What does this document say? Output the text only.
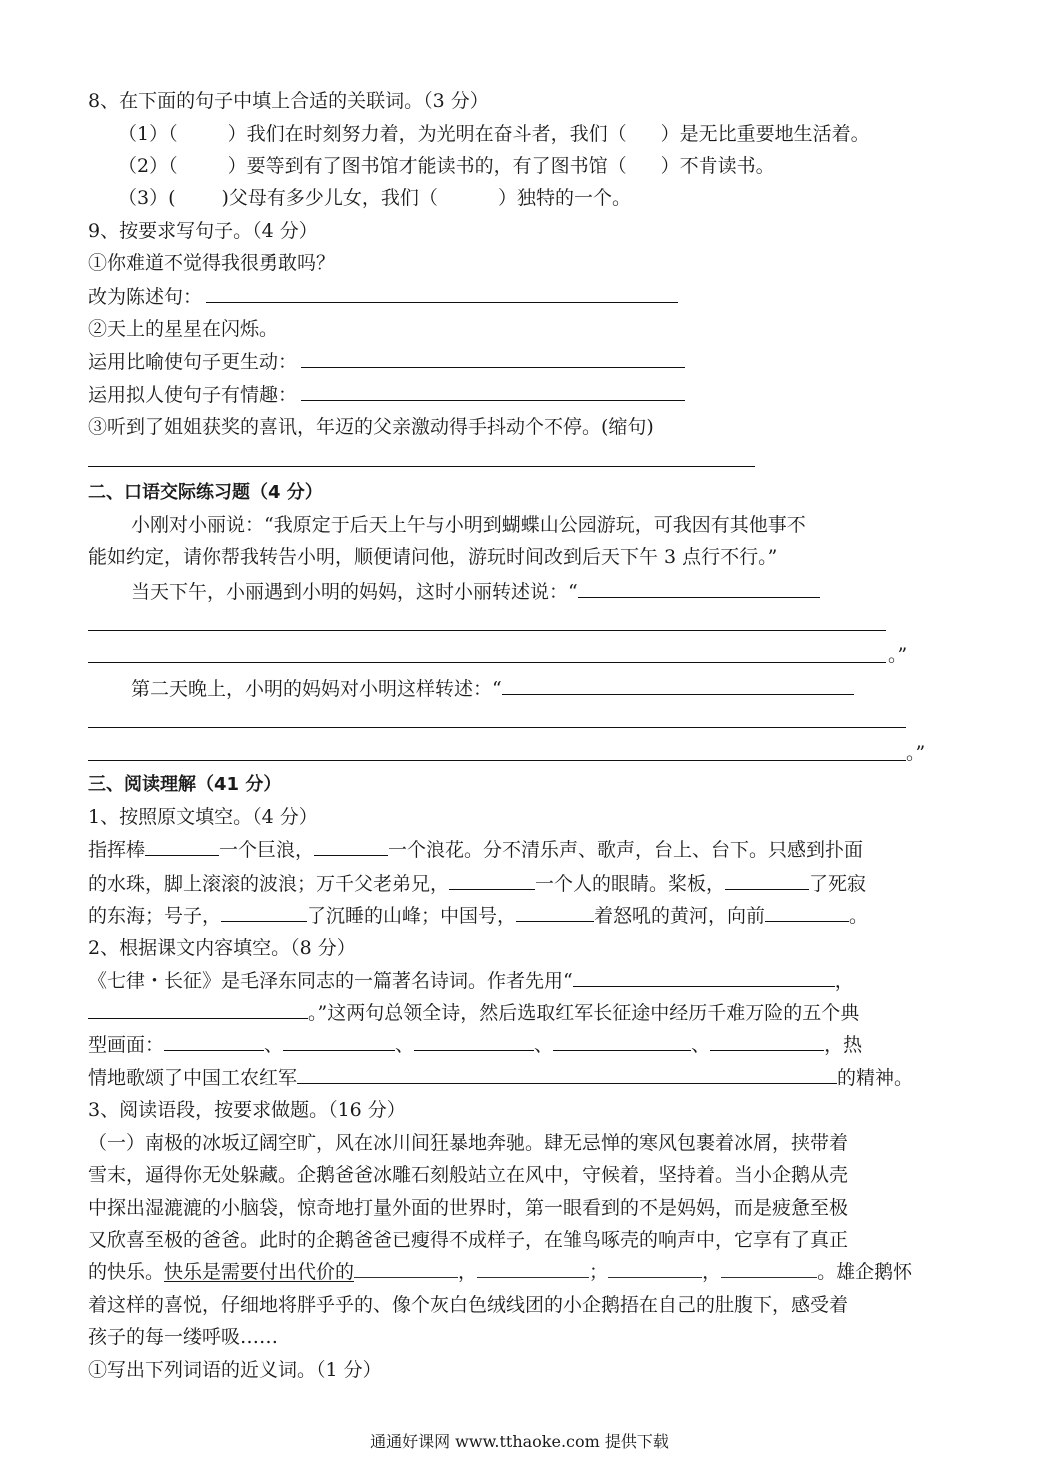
8、在下面的句子中填上合适的关联词。（3 分）
（1）（	）我们在时刻努力着，为光明在奋斗者，我们（ ）是无比重要地生活着。
（2）（	）要等到有了图书馆才能读书的，有了图书馆（ ）不肯读书。
（3）( )父母有多少儿女，我们（	）独特的一个。
9、按要求写句子。（4 分）
①你难道不觉得我很勇敢吗？
改为陈述句：
②天上的星星在闪烁。
运用比喻使句子更生动：
运用拟人使句子有情趣：
③听到了姐姐获奖的喜讯，年迈的父亲激动得手抖动个不停。(缩句)
二、口语交际练习题（4 分）
小刚对小丽说：“我原定于后天上午与小明到蝴蝶山公园游玩，可我因有其他事不
能如约定，请你帮我转告小明，顺便请问他，游玩时间改到后天下午 3 点行不行。”
当天下午，小丽遇到小明的妈妈，这时小丽转述说：“
。”
第二天晚上，小明的妈妈对小明这样转述：“
。”
三、阅读理解（41 分）
1、按照原文填空。（4 分）
指挥棒	一个巨浪，	一个浪花。分不清乐声、歌声，台上、台下。只感到扑面
的水珠，脚上滚滚的波浪；万千父老弟兄，	一个人的眼睛。桨板，	了死寂
的东海；号子，	了沉睡的山峰；中国号，	着怒吼的黄河，向前	。
2、根据课文内容填空。（8 分）
《七律・长征》是毛泽东同志的一篇著名诗词。作者先用“	，
。”这两句总领全诗，然后选取红军长征途中经历千难万险的五个典
型画面：	、	、	、	、	，热
情地歌颂了中国工农红军	的精神。
3、阅读语段，按要求做题。（16 分）
（一）南极的冰坂辽阔空旷，风在冰川间狂暴地奔驰。肆无忌惮的寒风包裹着冰屑，挟带着
雪末，逼得你无处躲藏。企鹅爸爸冰雕石刻般站立在风中，守候着，坚持着。当小企鹅从壳
中探出湿漉漉的小脑袋，惊奇地打量外面的世界时，第一眼看到的不是妈妈，而是疲惫至极
又欣喜至极的爸爸。此时的企鹅爸爸已瘦得不成样子，在雏鸟啄壳的响声中，它享有了真正
的快乐。快乐是需要付出代价的	，	；	，	。雄企鹅怀
着这样的喜悦，仔细地将胖乎乎的、像个灰白色绒线团的小企鹅捂在自己的肚腹下，感受着
孩子的每一缕呼吸……
①写出下列词语的近义词。（1 分）
通通好课网 www.tthaoke.com 提供下载
